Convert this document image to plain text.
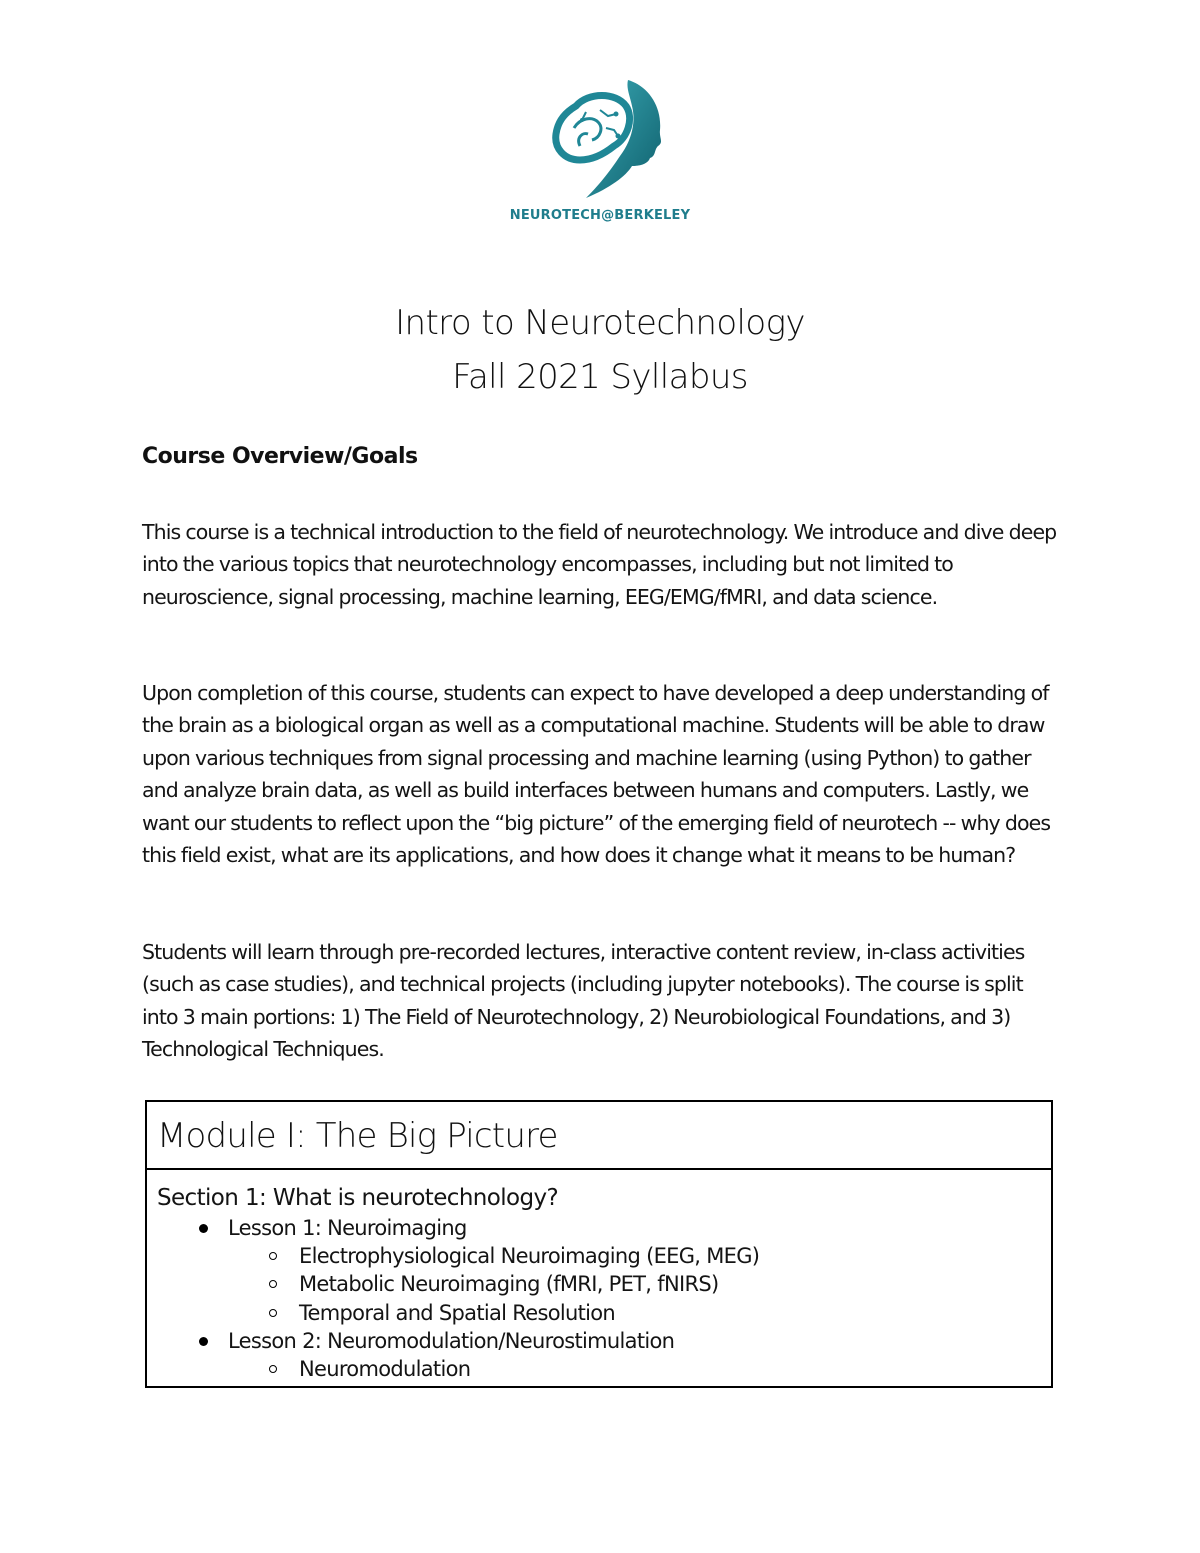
NEUROTECH@BERKELEY
Intro to Neurotechnology
Fall 2021 Syllabus
Course Overview/Goals

This course is a technical introduction to the field of neurotechnology. We introduce and dive deep into the various topics that neurotechnology encompasses, including but not limited to neuroscience, signal processing, machine learning, EEG/EMG/fMRI, and data science.

Upon completion of this course, students can expect to have developed a deep understanding of the brain as a biological organ as well as a computational machine. Students will be able to draw upon various techniques from signal processing and machine learning (using Python) to gather and analyze brain data, as well as build interfaces between humans and computers. Lastly, we want our students to reflect upon the “big picture” of the emerging field of neurotech -- why does this field exist, what are its applications, and how does it change what it means to be human?

Students will learn through pre-recorded lectures, interactive content review, in-class activities (such as case studies), and technical projects (including jupyter notebooks). The course is split into 3 main portions: 1) The Field of Neurotechnology, 2) Neurobiological Foundations, and 3) Technological Techniques.

Module I: The Big Picture
Section 1: What is neurotechnology?
Lesson 1: Neuroimaging
Electrophysiological Neuroimaging (EEG, MEG)
Metabolic Neuroimaging (fMRI, PET, fNIRS)
Temporal and Spatial Resolution
Lesson 2: Neuromodulation/Neurostimulation
Neuromodulation
